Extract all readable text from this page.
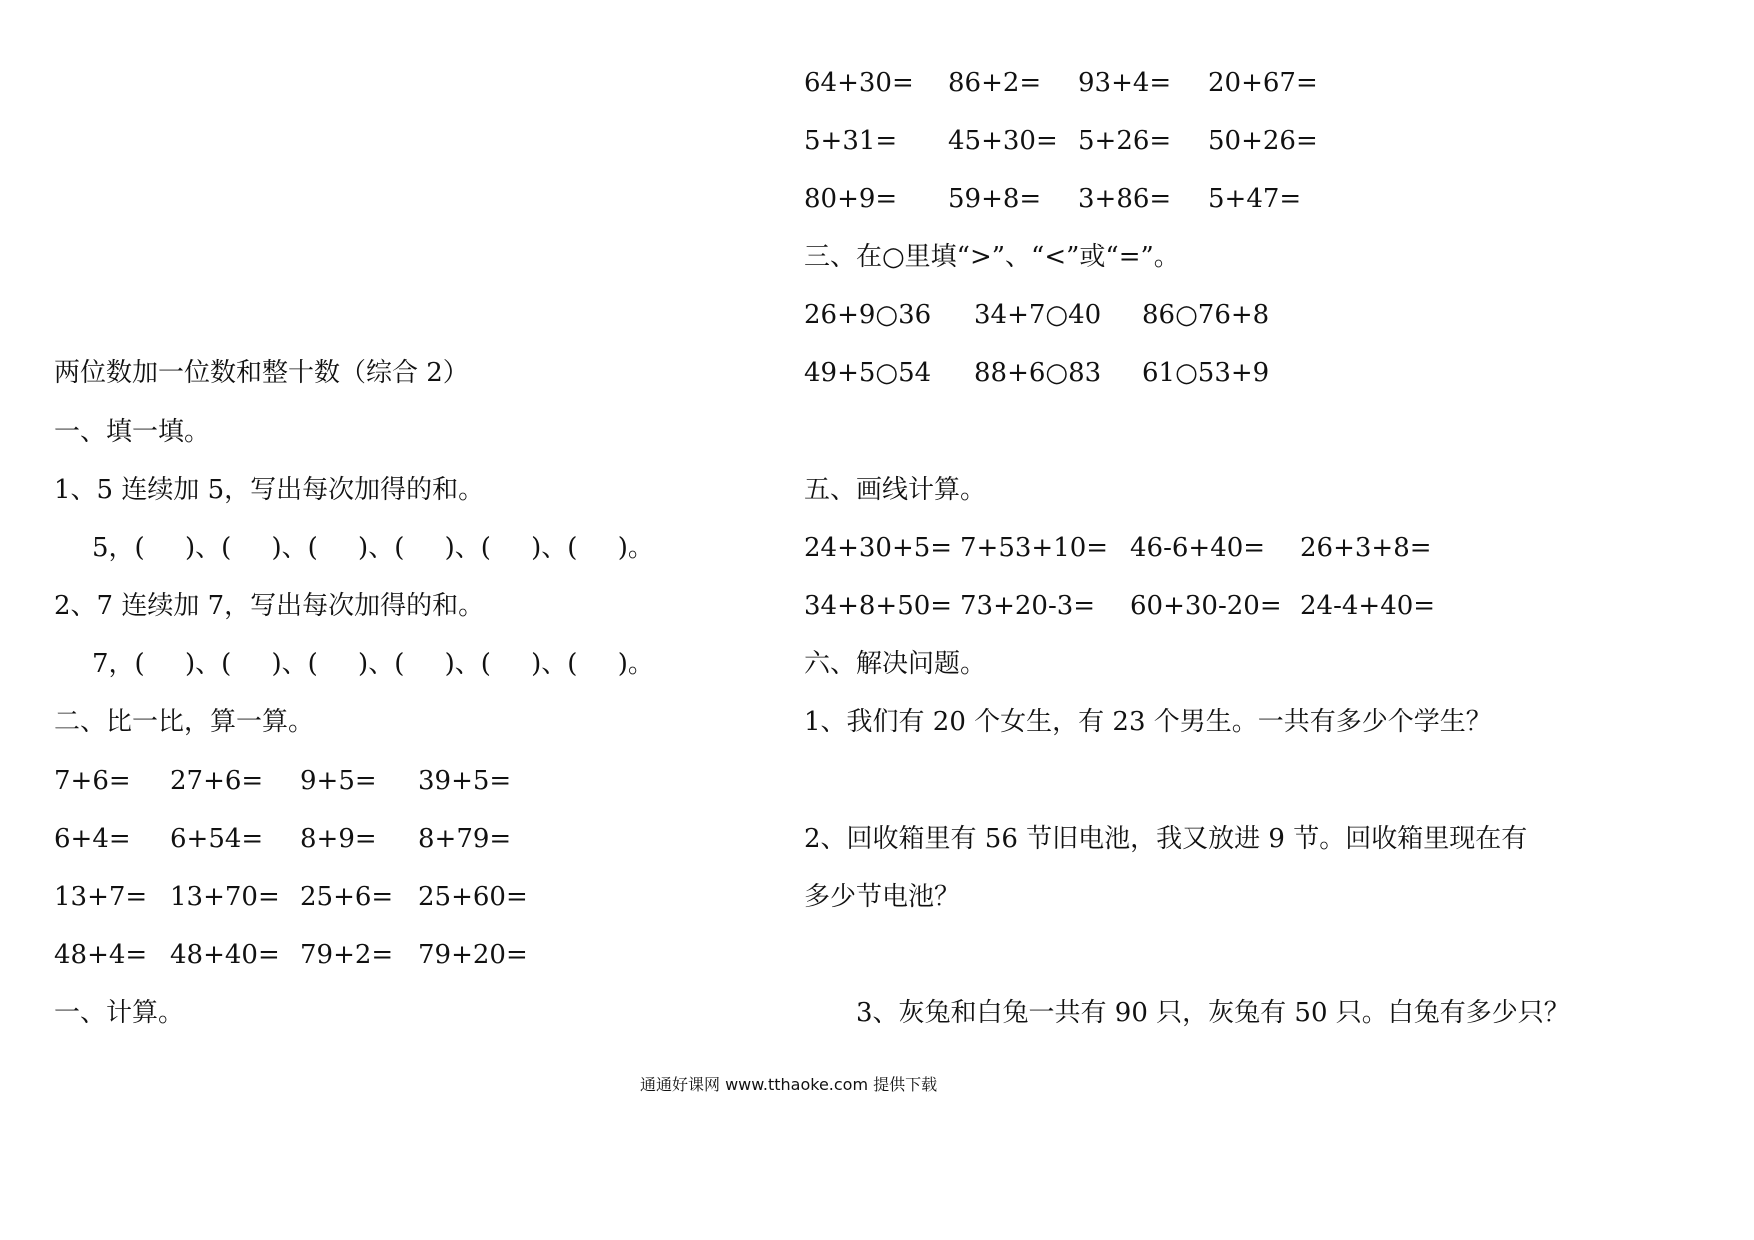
两位数加一位数和整十数（综合 2）
一、填一填。
1、5 连续加 5，写出每次加得的和。
5，(　 )、(　 )、(　 )、(　 )、(　 )、(　 )。
2、7 连续加 7，写出每次加得的和。
7，(　 )、(　 )、(　 )、(　 )、(　 )、(　 )。
二、比一比，算一算。
7+6= 27+6= 9+5= 39+5=
6+4= 6+54= 8+9= 8+79=
13+7= 13+70= 25+6= 25+60=
48+4= 48+40= 79+2= 79+20=
一、计算。
64+30= 86+2= 93+4= 20+67=
5+31= 45+30= 5+26= 50+26=
80+9= 59+8= 3+86= 5+47=
三、在○里填“>”、“<”或“=”。
26+9○36 34+7○40 86○76+8
49+5○54 88+6○83 61○53+9
五、画线计算。
24+30+5= 7+53+10= 46-6+40= 26+3+8=
34+8+50= 73+20-3= 60+30-20= 24-4+40=
六、解决问题。
1、我们有 20 个女生，有 23 个男生。一共有多少个学生？
2、回收箱里有 56 节旧电池，我又放进 9 节。回收箱里现在有
多少节电池？
3、灰兔和白兔一共有 90 只，灰兔有 50 只。白兔有多少只？
通通好课网 www.tthaoke.com 提供下载
